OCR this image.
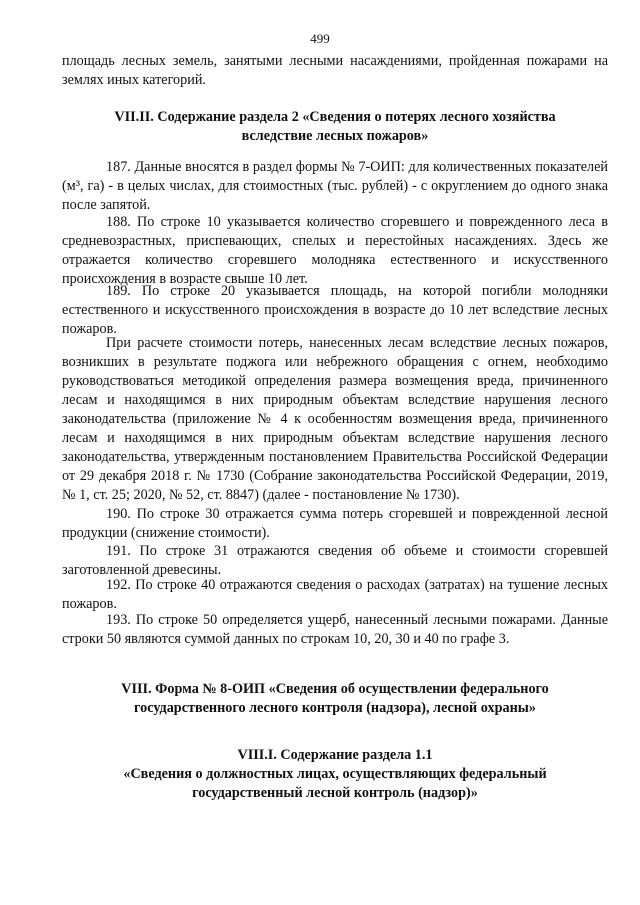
499

площадь лесных земель, занятыми лесными насаждениями, пройденная пожарами на землях иных категорий.

VII.II. Содержание раздела 2 «Сведения о потерях лесного хозяйства
вследствие лесных пожаров»

187. Данные вносятся в раздел формы № 7-ОИП: для количественных показателей (м³, га) - в целых числах, для стоимостных (тыс. рублей) - с округлением до одного знака после запятой.

188. По строке 10 указывается количество сгоревшего и поврежденного леса в средневозрастных, приспевающих, спелых и перестойных насаждениях. Здесь же отражается количество сгоревшего молодняка естественного и искусственного происхождения в возрасте свыше 10 лет.

189. По строке 20 указывается площадь, на которой погибли молодняки естественного и искусственного происхождения в возрасте до 10 лет вследствие лесных пожаров.

При расчете стоимости потерь, нанесенных лесам вследствие лесных пожаров, возникших в результате поджога или небрежного обращения с огнем, необходимо руководствоваться методикой определения размера возмещения вреда, причиненного лесам и находящимся в них природным объектам вследствие нарушения лесного законодательства (приложение № 4 к особенностям возмещения вреда, причиненного лесам и находящимся в них природным объектам вследствие нарушения лесного законодательства, утвержденным постановлением Правительства Российской Федерации от 29 декабря 2018 г. № 1730 (Собрание законодательства Российской Федерации, 2019, № 1, ст. 25; 2020, № 52, ст. 8847) (далее - постановление № 1730).

190. По строке 30 отражается сумма потерь сгоревшей и поврежденной лесной продукции (снижение стоимости).

191. По строке 31 отражаются сведения об объеме и стоимости сгоревшей заготовленной древесины.

192. По строке 40 отражаются сведения о расходах (затратах) на тушение лесных пожаров.

193. По строке 50 определяется ущерб, нанесенный лесными пожарами. Данные строки 50 являются суммой данных по строкам 10, 20, 30 и 40 по графе 3.

VIII. Форма № 8-ОИП «Сведения об осуществлении федерального
государственного лесного контроля (надзора), лесной охраны»
VIII.I. Содержание раздела 1.1
«Сведения о должностных лицах, осуществляющих федеральный
государственный лесной контроль (надзор)»
